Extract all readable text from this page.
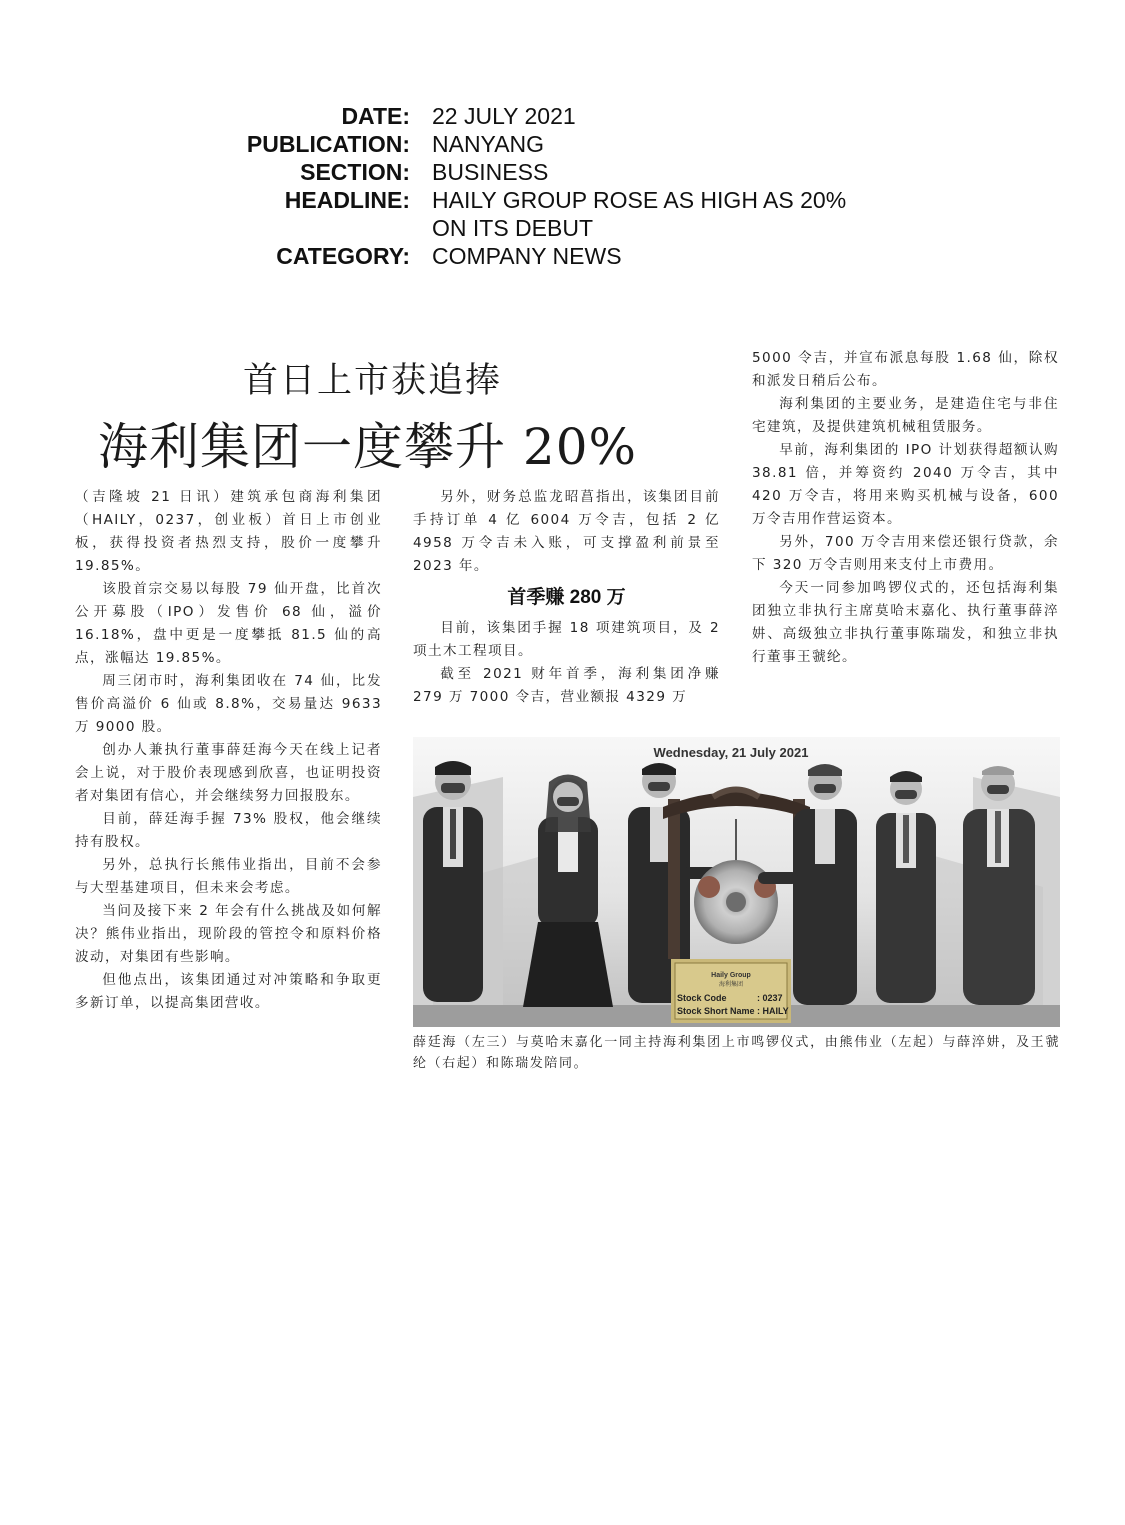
DATE: 22 JULY 2021
PUBLICATION: NANYANG
SECTION: BUSINESS
HEADLINE: HAILY GROUP ROSE AS HIGH AS 20%
ON ITS DEBUT
CATEGORY: COMPANY NEWS
首日上市获追捧
海利集团一度攀升 20%

（吉隆坡 21 日讯）建筑承包商海利集团（HAILY，0237，创业板）首日上市创业板，获得投资者热烈支持，股价一度攀升 19.85%。

该股首宗交易以每股 79 仙开盘，比首次公开募股（IPO）发售价 68 仙，溢价 16.18%，盘中更是一度攀抵 81.5 仙的高点，涨幅达 19.85%。

周三闭市时，海利集团收在 74 仙，比发售价高溢价 6 仙或 8.8%，交易量达 9633 万 9000 股。

创办人兼执行董事薛廷海今天在线上记者会上说，对于股价表现感到欣喜，也证明投资者对集团有信心，并会继续努力回报股东。

目前，薛廷海手握 73% 股权，他会继续持有股权。

另外，总执行长熊伟业指出，目前不会参与大型基建项目，但未来会考虑。

当问及接下来 2 年会有什么挑战及如何解决？熊伟业指出，现阶段的管控令和原料价格波动，对集团有些影响。

但他点出，该集团通过对冲策略和争取更多新订单，以提高集团营收。

另外，财务总监龙昭菖指出，该集团目前手持订单 4 亿 6004 万令吉，包括 2 亿 4958 万令吉未入账，可支撑盈利前景至 2023 年。

首季赚 280 万

目前，该集团手握 18 项建筑项目，及 2 项土木工程项目。

截至 2021 财年首季，海利集团净赚 279 万 7000 令吉，营业额报 4329 万

5000 令吉，并宣布派息每股 1.68 仙，除权和派发日稍后公布。

海利集团的主要业务，是建造住宅与非住宅建筑，及提供建筑机械租赁服务。

早前，海利集团的 IPO 计划获得超额认购 38.81 倍，并筹资约 2040 万令吉，其中 420 万令吉，将用来购买机械与设备，600 万令吉用作营运资本。

另外，700 万令吉用来偿还银行贷款，余下 320 万令吉则用来支付上市费用。

今天一同参加鸣锣仪式的，还包括海利集团独立非执行主席莫哈末嘉化、执行董事薛淬妌、高级独立非执行董事陈瑞发，和独立非执行董事王虢纶。

Wednesday, 21 July 2021
Haily Group
海利集团
Stock Code	: 0237
Stock Short Name : HAILY
薛廷海（左三）与莫哈末嘉化一同主持海利集团上市鸣锣仪式，由熊伟业（左起）与薛淬妌，及王虢纶（右起）和陈瑞发陪同。
